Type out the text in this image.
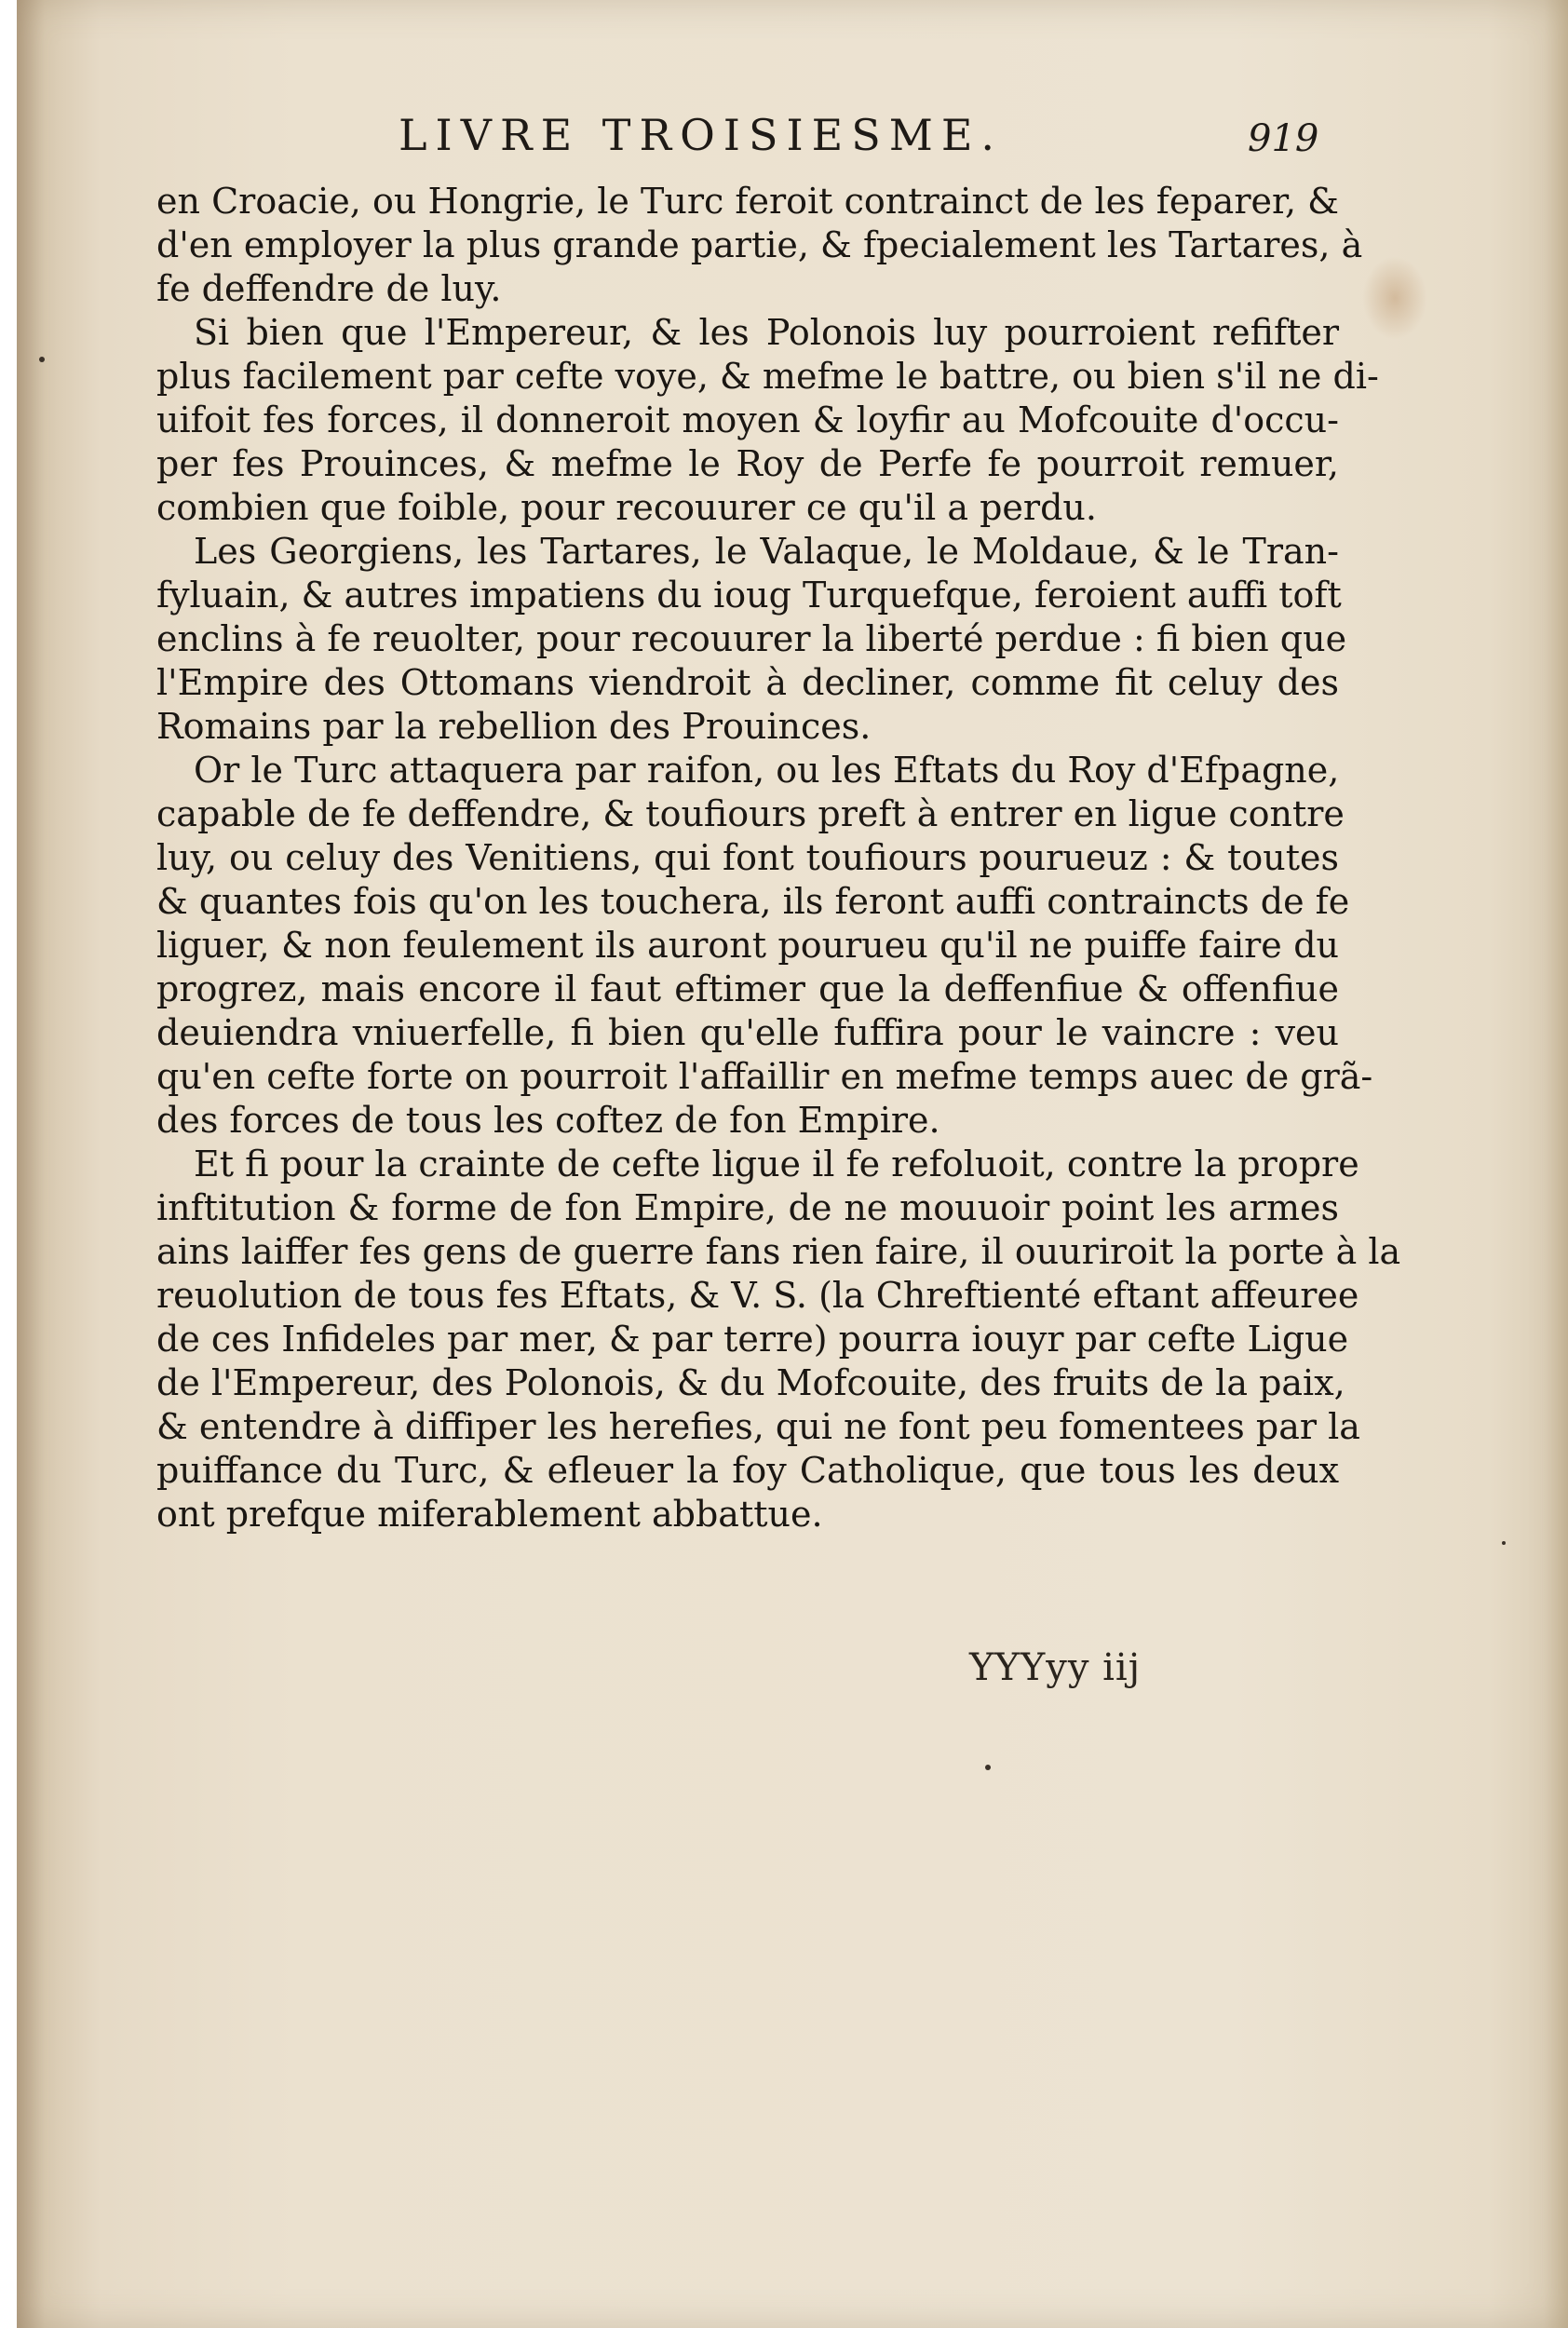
LIVRE TROISIESME.	919
en Croacie, ou Hongrie, le Turc feroit contrainct de les feparer, &
d'en employer la plus grande partie, & fpecialement les Tartares, à
fe deffendre de luy.
Si bien que l'Empereur, & les Polonois luy pourroient refifter
plus facilement par cefte voye, & mefme le battre, ou bien s'il ne di-
uifoit fes forces, il donneroit moyen & loyfir au Mofcouite d'occu-
per fes Prouinces, & mefme le Roy de Perfe fe pourroit remuer,
combien que foible, pour recouurer ce qu'il a perdu.
Les Georgiens, les Tartares, le Valaque, le Moldaue, & le Tran-
fyluain, & autres impatiens du ioug Turquefque, feroient auffi toft
enclins à fe reuolter, pour recouurer la liberté perdue : fi bien que
l'Empire des Ottomans viendroit à decliner, comme fit celuy des
Romains par la rebellion des Prouinces.
Or le Turc attaquera par raifon, ou les Eftats du Roy d'Efpagne,
capable de fe deffendre, & toufiours preft à entrer en ligue contre
luy, ou celuy des Venitiens, qui font toufiours pourueuz : & toutes
& quantes fois qu'on les touchera, ils feront auffi contraincts de fe
liguer, & non feulement ils auront pourueu qu'il ne puiffe faire du
progrez, mais encore il faut eftimer que la deffenfiue & offenfiue
deuiendra vniuerfelle, fi bien qu'elle fuffira pour le vaincre : veu
qu'en cefte forte on pourroit l'affaillir en mefme temps auec de grã-
des forces de tous les coftez de fon Empire.
Et fi pour la crainte de cefte ligue il fe refoluoit, contre la propre
inftitution & forme de fon Empire, de ne mouuoir point les armes
ains laiffer fes gens de guerre fans rien faire, il ouuriroit la porte à la
reuolution de tous fes Eftats, & V. S. (la Chreftienté eftant affeuree
de ces Infideles par mer, & par terre) pourra iouyr par cefte Ligue
de l'Empereur, des Polonois, & du Mofcouite, des fruits de la paix,
& entendre à diffiper les herefies, qui ne font peu fomentees par la
puiffance du Turc, & efleuer la foy Catholique, que tous les deux
ont prefque miferablement abbattue.
YYYyy iij
